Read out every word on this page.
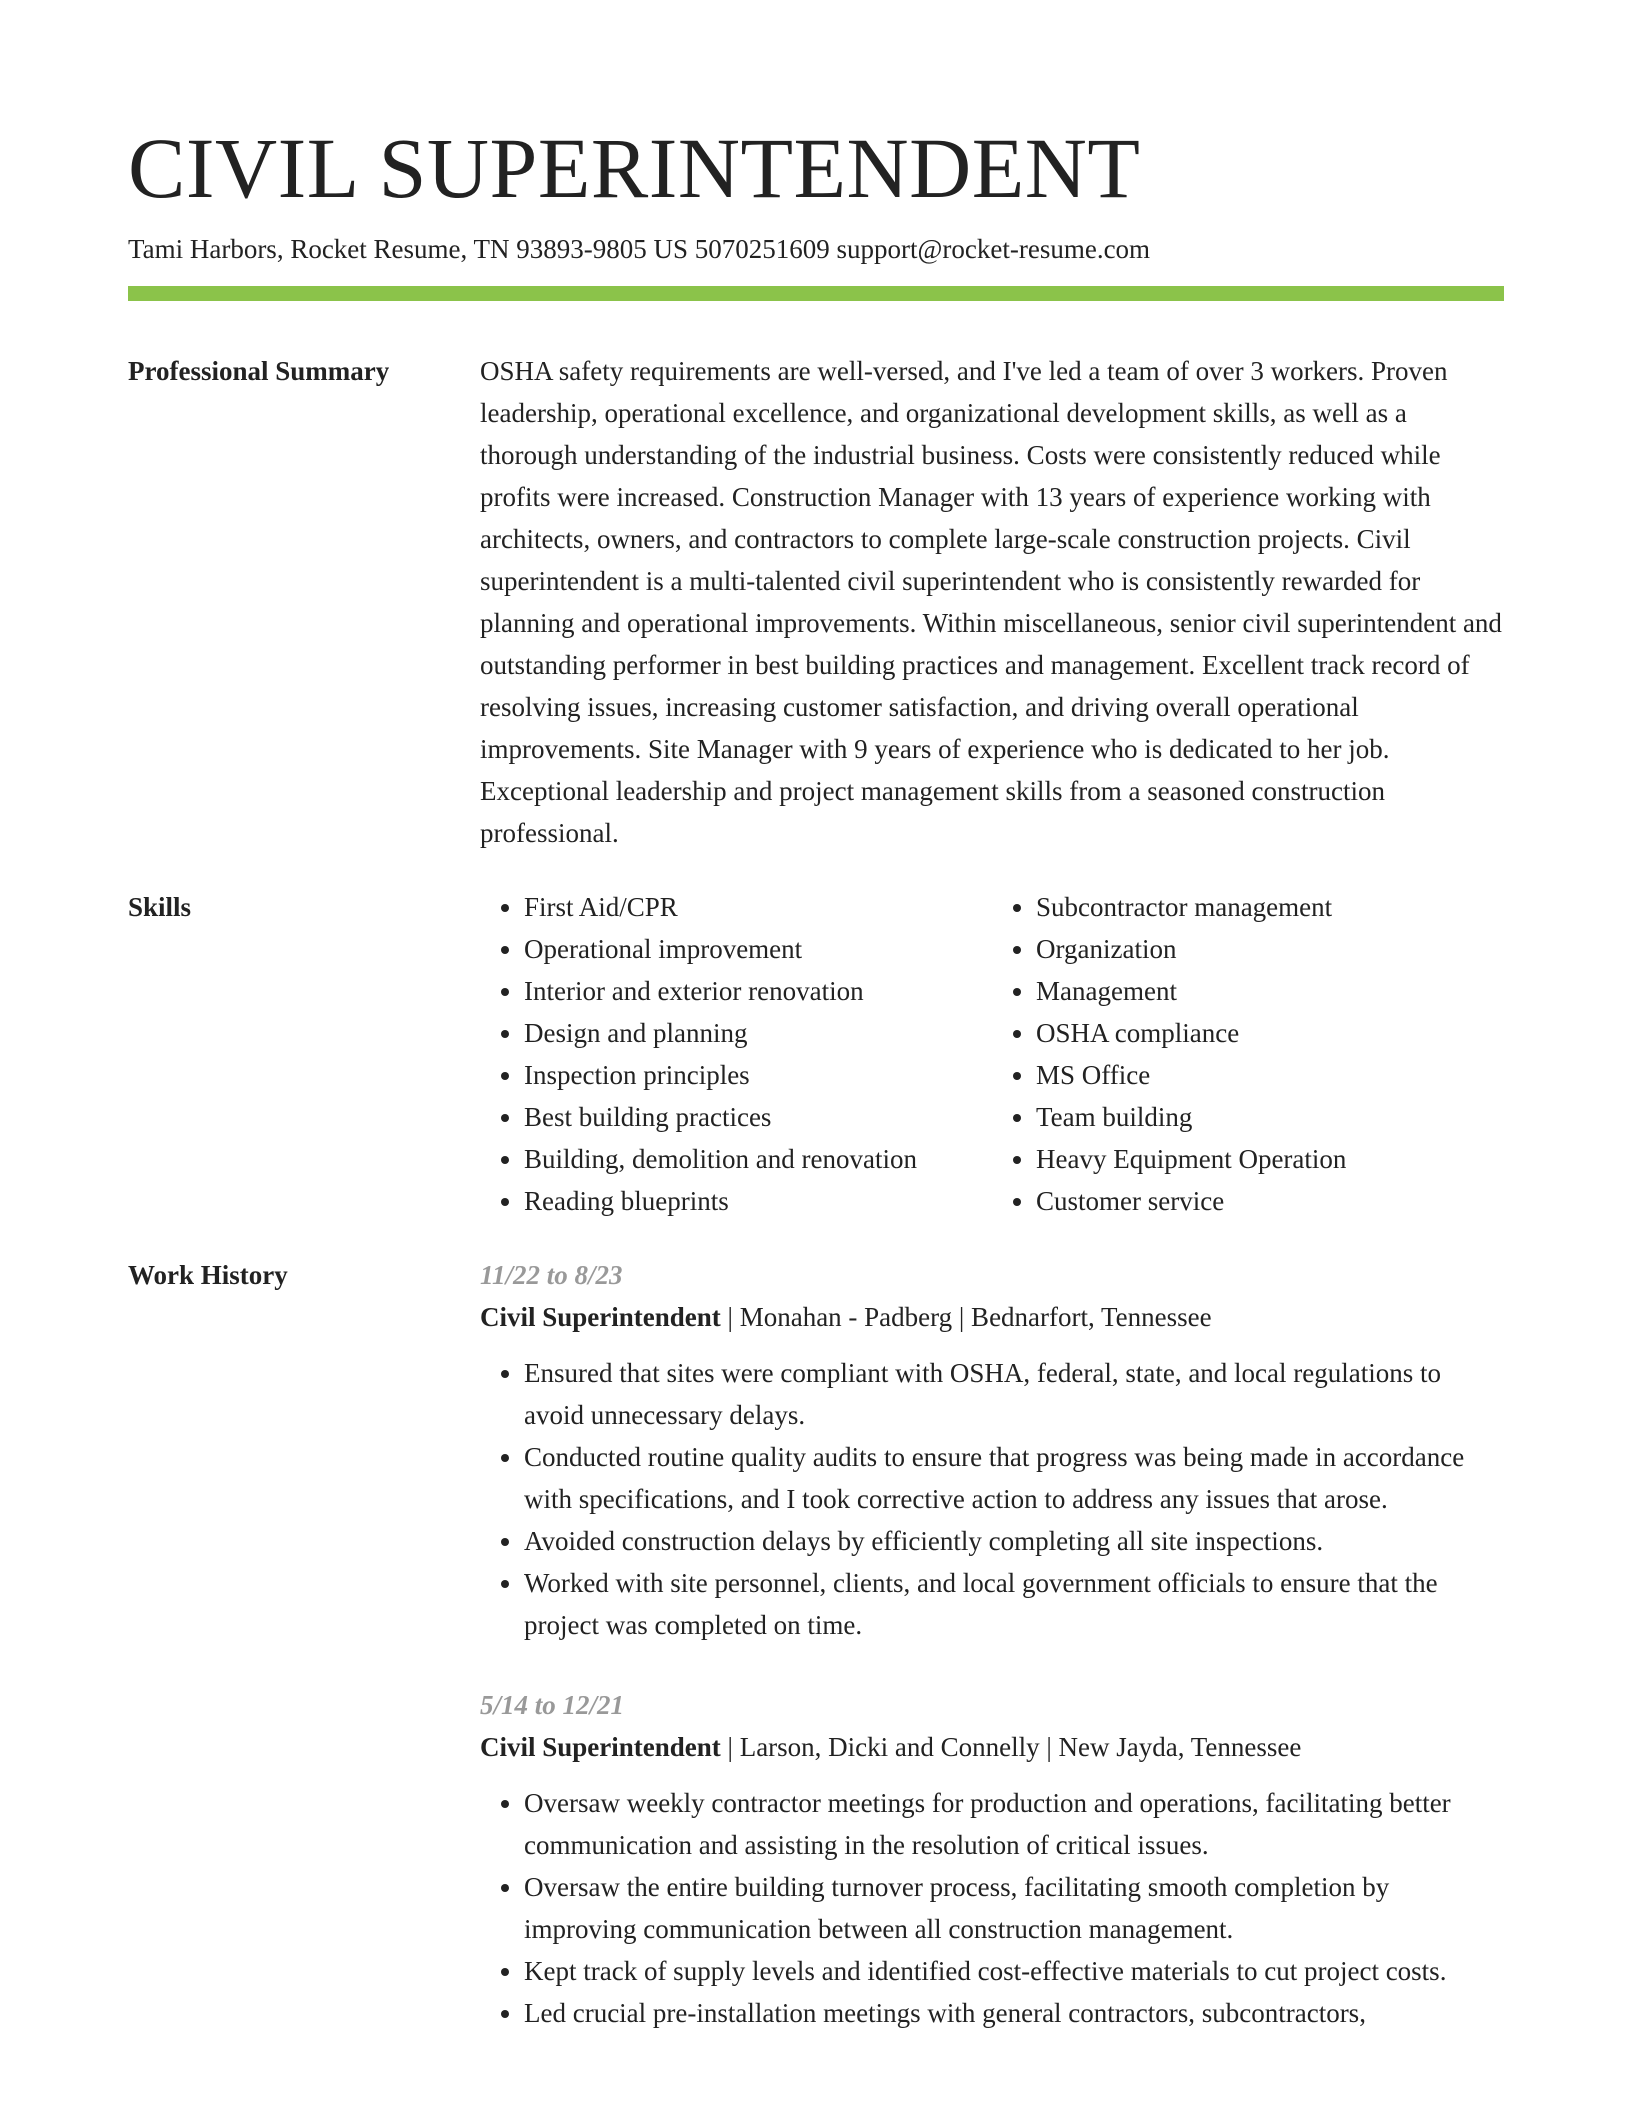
CIVIL SUPERINTENDENT
Tami Harbors, Rocket Resume, TN 93893-9805 US 5070251609 support@rocket-resume.com
Professional Summary	OSHA safety requirements are well-versed, and I've led a team of over 3 workers. Proven leadership, operational excellence, and organizational development skills, as well as a thorough understanding of the industrial business. Costs were consistently reduced while profits were increased. Construction Manager with 13 years of experience working with architects, owners, and contractors to complete large-scale construction projects. Civil superintendent is a multi-talented civil superintendent who is consistently rewarded for planning and operational improvements. Within miscellaneous, senior civil superintendent and outstanding performer in best building practices and management. Excellent track record of resolving issues, increasing customer satisfaction, and driving overall operational improvements. Site Manager with 9 years of experience who is dedicated to her job. Exceptional leadership and project management skills from a seasoned construction professional.

Skills
•	First Aid/CPR
• Operational improvement
• Interior and exterior renovation
• Design and planning
• Inspection principles
• Best building practices
• Building, demolition and renovation
• Reading blueprints
• Subcontractor management
• Organization
• Management
• OSHA compliance
• MS Office
• Team building
• Heavy Equipment Operation
• Customer service
Work History	11/22 to 8/23
Civil Superintendent | Monahan - Padberg | Bednarfort, Tennessee
• Ensured that sites were compliant with OSHA, federal, state, and local regulations to avoid unnecessary delays.
• Conducted routine quality audits to ensure that progress was being made in accordance with specifications, and I took corrective action to address any issues that arose.
• Avoided construction delays by efficiently completing all site inspections.
• Worked with site personnel, clients, and local government officials to ensure that the project was completed on time.
5/14 to 12/21
Civil Superintendent | Larson, Dicki and Connelly | New Jayda, Tennessee
• Oversaw weekly contractor meetings for production and operations, facilitating better communication and assisting in the resolution of critical issues.
• Oversaw the entire building turnover process, facilitating smooth completion by improving communication between all construction management.
• Kept track of supply levels and identified cost-effective materials to cut project costs.
• Led crucial pre-installation meetings with general contractors, subcontractors,
